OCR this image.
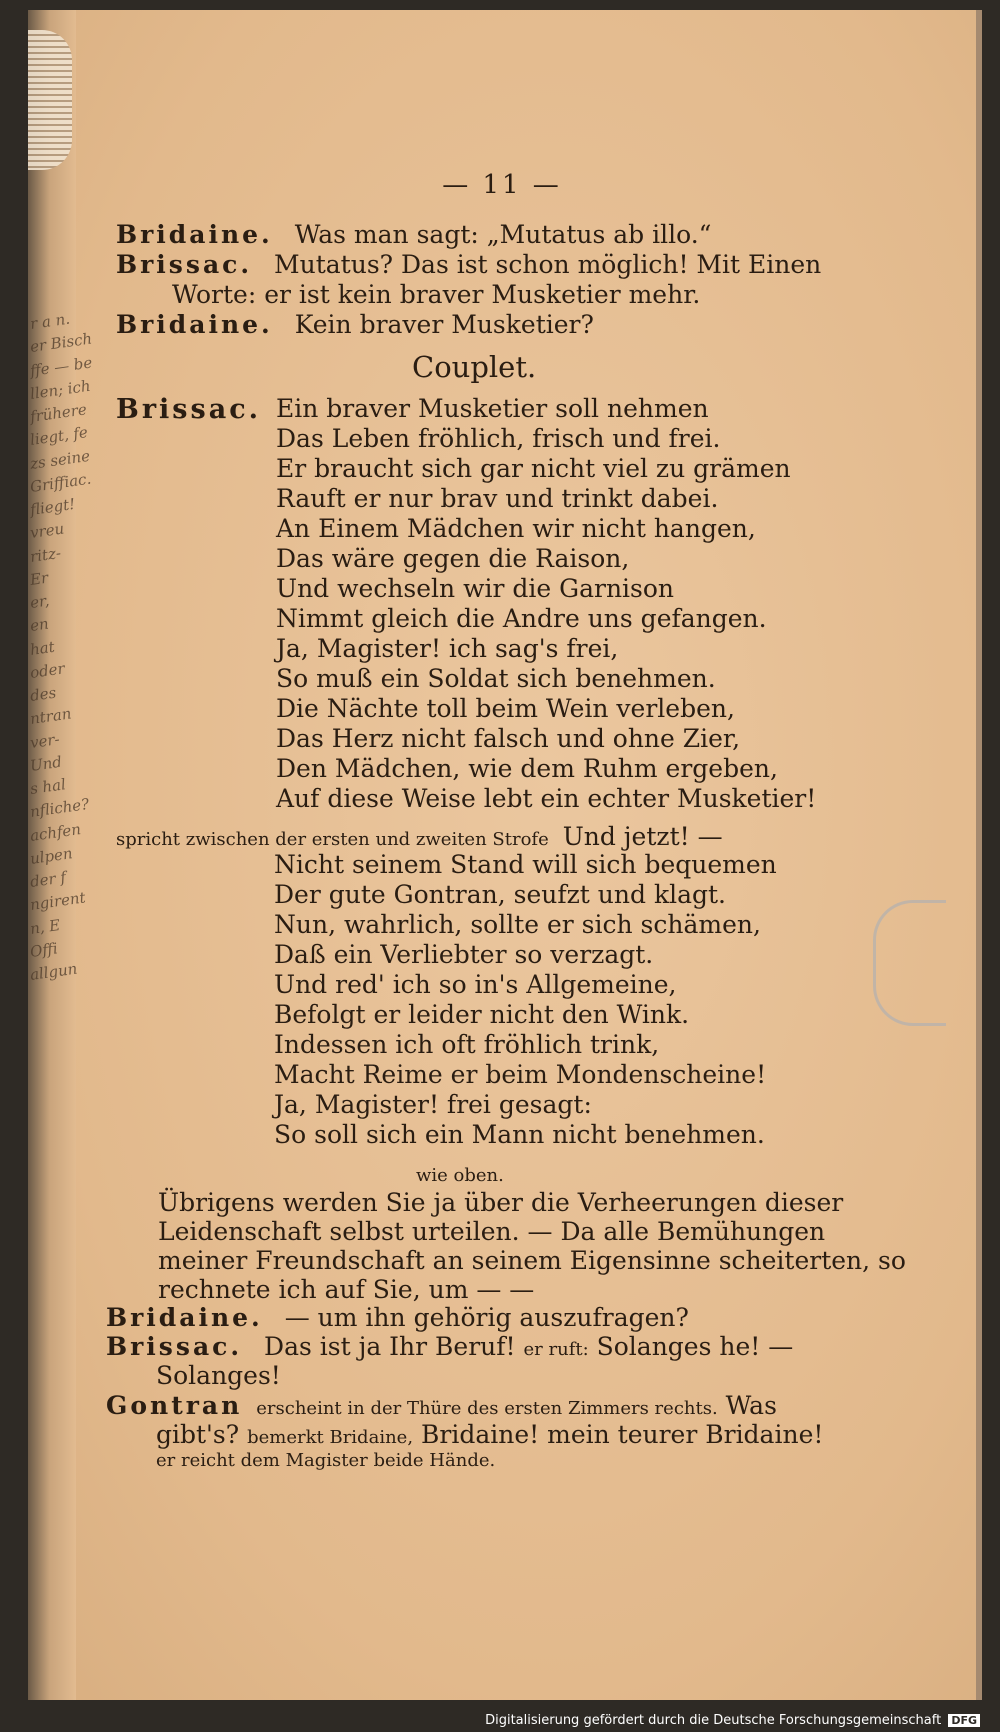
r a n.
er Bisch
ffe — be
llen; ich
frühere
liegt, fe
zs seine
Griffiac.
fliegt!
vreu
ritz-
Er
er,
en
hat
oder
des
ntran
ver-
Und
s hal
nfliche?
achfen
ulpen
der f
ngirent
n, E
Offi
allgun
— 11 —
Bridaine. Was man sagt: „Mutatus ab illo.“
Brissac. Mutatus? Das ist schon möglich! Mit Einen
Worte: er ist kein braver Musketier mehr.
Bridaine. Kein braver Musketier?
Couplet.
Brissac. Ein braver Musketier soll nehmen
Das Leben fröhlich, frisch und frei.
Er braucht sich gar nicht viel zu grämen
Rauft er nur brav und trinkt dabei.
An Einem Mädchen wir nicht hangen,
Das wäre gegen die Raison,
Und wechseln wir die Garnison
Nimmt gleich die Andre uns gefangen.
Ja, Magister! ich sag's frei,
So muß ein Soldat sich benehmen.
Die Nächte toll beim Wein verleben,
Das Herz nicht falsch und ohne Zier,
Den Mädchen, wie dem Ruhm ergeben,
Auf diese Weise lebt ein echter Musketier!
spricht zwischen der ersten und zweiten Strofe Und jetzt! —
Nicht seinem Stand will sich bequemen
Der gute Gontran, seufzt und klagt.
Nun, wahrlich, sollte er sich schämen,
Daß ein Verliebter so verzagt.
Und red' ich so in's Allgemeine,
Befolgt er leider nicht den Wink.
Indessen ich oft fröhlich trink,
Macht Reime er beim Mondenscheine!
Ja, Magister! frei gesagt:
So soll sich ein Mann nicht benehmen.
wie oben.
Übrigens werden Sie ja über die Verheerungen dieser
Leidenschaft selbst urteilen. — Da alle Bemühungen
meiner Freundschaft an seinem Eigensinne scheiterten, so
rechnete ich auf Sie, um — —
Bridaine. — um ihn gehörig auszufragen?
Brissac. Das ist ja Ihr Beruf! er ruft: Solanges he! —
Solanges!
Gontran erscheint in der Thüre des ersten Zimmers rechts. Was
gibt's? bemerkt Bridaine, Bridaine! mein teurer Bridaine!
er reicht dem Magister beide Hände.
Digitalisierung gefördert durch die Deutsche Forschungsgemeinschaft DFG
